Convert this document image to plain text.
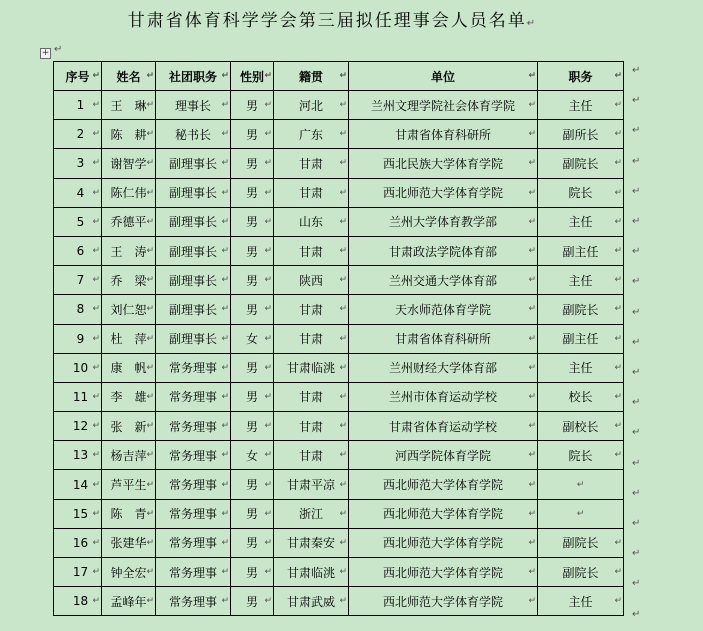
甘肃省体育科学学会第三届拟任理事会人员名单↵
+ ↵
序号 ↵	姓名 ↵	社团职务 ↵	性别 ↵	籍贯 ↵	单位 ↵	职务 ↵

1 ↵	王　琳 ↵	理事长 ↵	男 ↵	河北 ↵	兰州文理学院社会体育学院 ↵	主任 ↵

2 ↵	陈　耕 ↵	秘书长 ↵	男 ↵	广东 ↵	甘肃省体育科研所 ↵	副所长 ↵

3 ↵	谢智学 ↵	副理事长 ↵	男 ↵	甘肃 ↵	西北民族大学体育学院 ↵	副院长 ↵

4 ↵	陈仁伟 ↵	副理事长 ↵	男 ↵	甘肃 ↵	西北师范大学体育学院 ↵	院长 ↵

5 ↵	乔德平 ↵	副理事长 ↵	男 ↵	山东 ↵	兰州大学体育教学部 ↵	主任 ↵

6 ↵	王　涛 ↵	副理事长 ↵	男 ↵	甘肃 ↵	甘肃政法学院体育部 ↵	副主任 ↵

7 ↵	乔　梁 ↵	副理事长 ↵	男 ↵	陕西 ↵	兰州交通大学体育部 ↵	主任 ↵

8 ↵	刘仁恕 ↵	副理事长 ↵	男 ↵	甘肃 ↵	天水师范体育学院 ↵	副院长 ↵

9 ↵	杜　萍 ↵	副理事长 ↵	女 ↵	甘肃 ↵	甘肃省体育科研所 ↵	副主任 ↵

10 ↵	康　帆 ↵	常务理事 ↵	男 ↵	甘肃临洮 ↵	兰州财经大学体育部 ↵	主任 ↵

11 ↵	李　雄 ↵	常务理事 ↵	男 ↵	甘肃 ↵	兰州市体育运动学校 ↵	校长 ↵

12 ↵	张　新 ↵	常务理事 ↵	男 ↵	甘肃 ↵	甘肃省体育运动学校 ↵	副校长 ↵

13 ↵	杨吉萍 ↵	常务理事 ↵	女 ↵	甘肃 ↵	河西学院体育学院 ↵	院长 ↵

14 ↵	芦平生 ↵	常务理事 ↵	男 ↵	甘肃平凉 ↵	西北师范大学体育学院 ↵	↵

15 ↵	陈　青 ↵	常务理事 ↵	男 ↵	浙江 ↵	西北师范大学体育学院 ↵	↵

16 ↵	张建华 ↵	常务理事 ↵	男 ↵	甘肃秦安 ↵	西北师范大学体育学院 ↵	副院长 ↵

17 ↵	钟全宏 ↵	常务理事 ↵	男 ↵	甘肃临洮 ↵	西北师范大学体育学院 ↵	副院长 ↵

18 ↵	孟峰年 ↵	常务理事 ↵	男 ↵	甘肃武威 ↵	西北师范大学体育学院 ↵	主任 ↵
↵
↵
↵
↵
↵
↵
↵
↵
↵
↵
↵
↵
↵
↵
↵
↵
↵
↵
↵
